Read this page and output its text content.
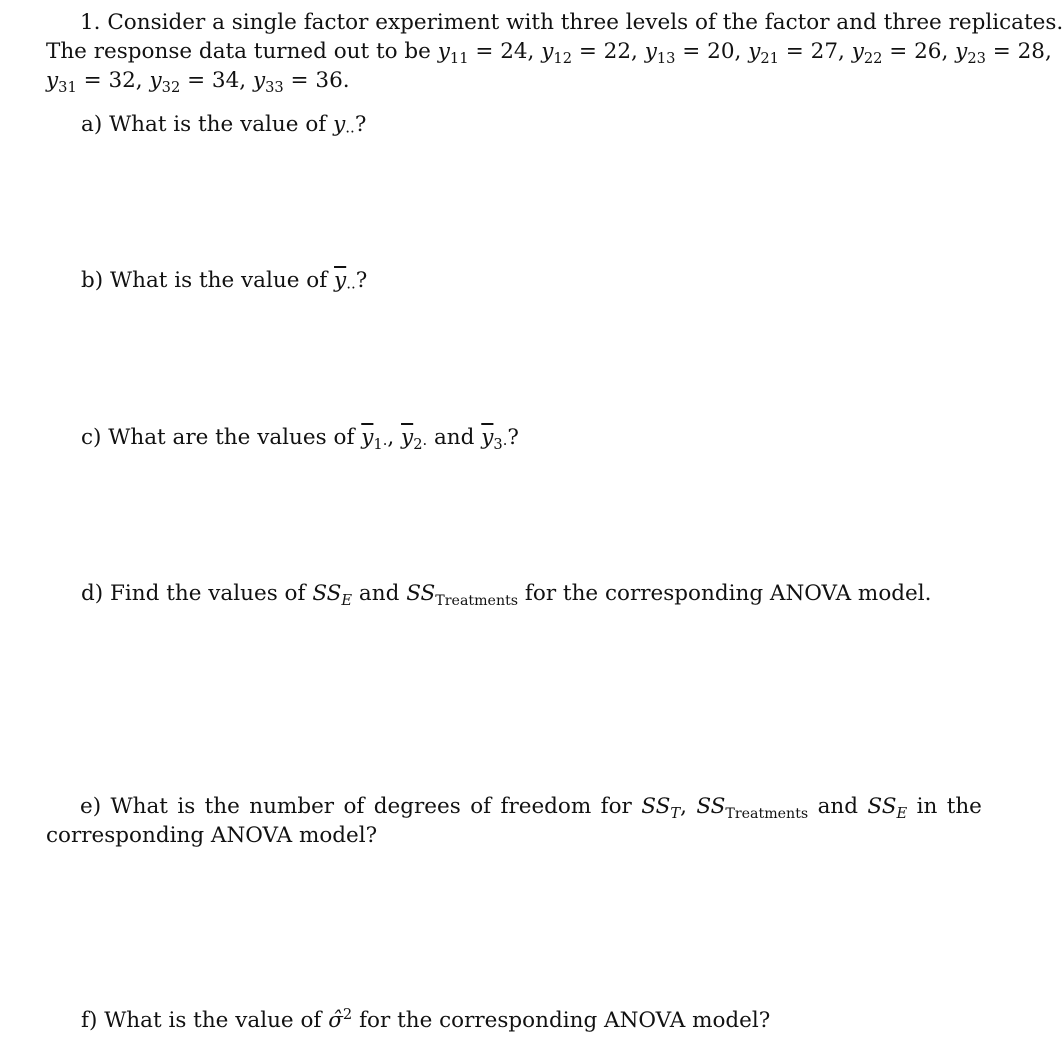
1. Consider a single factor experiment with three levels of the factor and three replicates.
The response data turned out to be $y_{11} = 24$, $y_{12} = 22$, $y_{13} = 20$, $y_{21} = 27$, $y_{22} = 26$, $y_{23} = 28$,
$y_{31} = 32$, $y_{32} = 34$, $y_{33} = 36$.
a) What is the value of y..?
b) What is the value of $\overline{y}$..?
c) What are the values of $\overline{y}_{1\cdot}$, $\overline{y}_{2\cdot}$ and $\overline{y}_{3\cdot}$?
d) Find the values of $SS_E$ and $SS_{Treatments}$ for the corresponding ANOVA model.
e) What is the number of degrees of freedom for $SS_T$, $SS_{Treatments}$ and $SS_E$ in the
corresponding ANOVA model?
f) What is the value of σ̂$^2$ for the corresponding ANOVA model?
